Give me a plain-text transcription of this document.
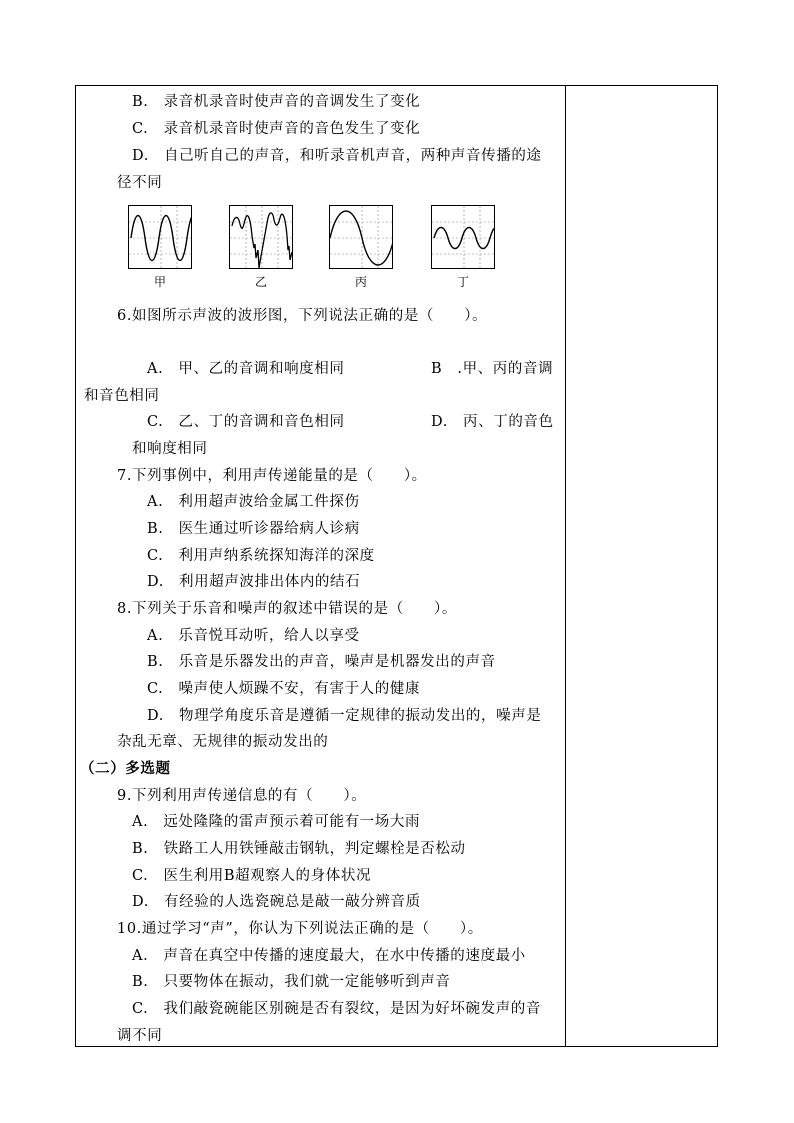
B.　录音机录音时使声音的音调发生了变化
C.　录音机录音时使声音的音色发生了变化
D.　自己听自己的声音，和听录音机声音，两种声音传播的途
径不同
甲	乙	丙	丁
6.如图所示声波的波形图，下列说法正确的是（　　）。
A.　甲、乙的音调和响度相同	B　.甲、丙的音调
和音色相同
C.　乙、丁的音调和音色相同	D.　丙、丁的音色
和响度相同
7.下列事例中，利用声传递能量的是（　　）。
A.　利用超声波给金属工件探伤
B.　医生通过听诊器给病人诊病
C.　利用声纳系统探知海洋的深度
D.　利用超声波排出体内的结石
8.下列关于乐音和噪声的叙述中错误的是（　　）。
A.　乐音悦耳动听，给人以享受
B.　乐音是乐器发出的声音，噪声是机器发出的声音
C.　噪声使人烦躁不安，有害于人的健康
D.　物理学角度乐音是遵循一定规律的振动发出的，噪声是
杂乱无章、无规律的振动发出的
（二）多选题
9.下列利用声传递信息的有（　　）。
A.　远处隆隆的雷声预示着可能有一场大雨
B.　铁路工人用铁锤敲击钢轨，判定螺栓是否松动
C.　医生利用B超观察人的身体状况
D.　有经验的人选瓷碗总是敲一敲分辨音质
10.通过学习“声”，你认为下列说法正确的是（　　）。
A.　声音在真空中传播的速度最大，在水中传播的速度最小
B.　只要物体在振动，我们就一定能够听到声音
C.　我们敲瓷碗能区别碗是否有裂纹，是因为好坏碗发声的音
调不同
